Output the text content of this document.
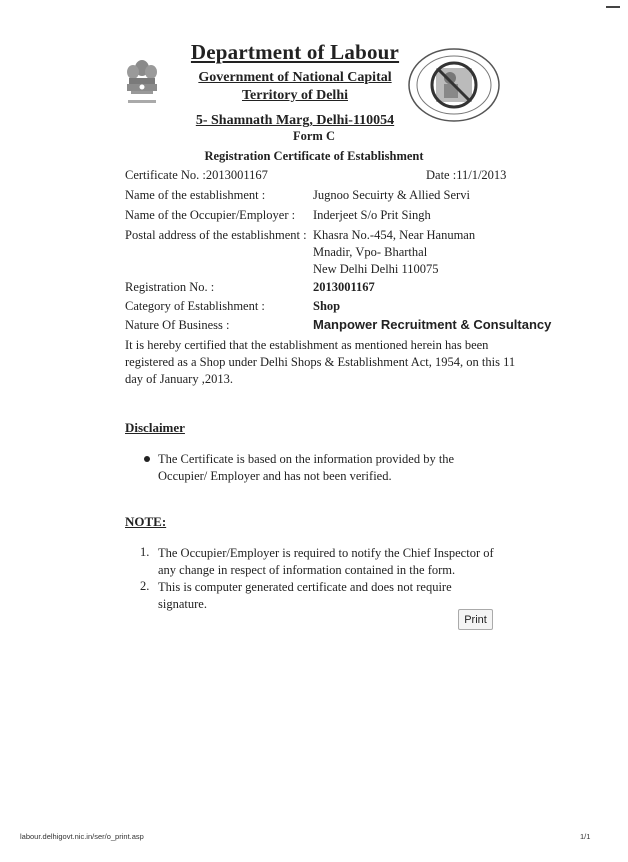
Department of Labour
Government of National Capital
Territory of Delhi
5- Shamnath Marg, Delhi-110054
Form C
Registration Certificate of Establishment
Certificate No. :2013001167	Date :11/1/2013
Name of the establishment :	Jugnoo Secuirty & Allied Servi
Name of the Occupier/Employer : Inderjeet S/o Prit Singh
Postal address of the establishment : Khasra No.-454, Near Hanuman
Mnadir, Vpo- Bharthal
New Delhi Delhi 110075
Registration No. :	2013001167
Category of Establishment :	Shop
Nature Of Business :	Manpower Recruitment & Consultancy
It is hereby certified that the establishment as mentioned herein has been registered as a Shop under Delhi Shops & Establishment Act, 1954, on this 11 day of January ,2013.
Disclaimer
The Certificate is based on the information provided by the Occupier/ Employer and has not been verified.
NOTE:
1. The Occupier/Employer is required to notify the Chief Inspector of any change in respect of information contained in the form.
2. This is computer generated certificate and does not require signature.
Print
labour.delhigovt.nic.in/ser/o_print.asp	1/1
